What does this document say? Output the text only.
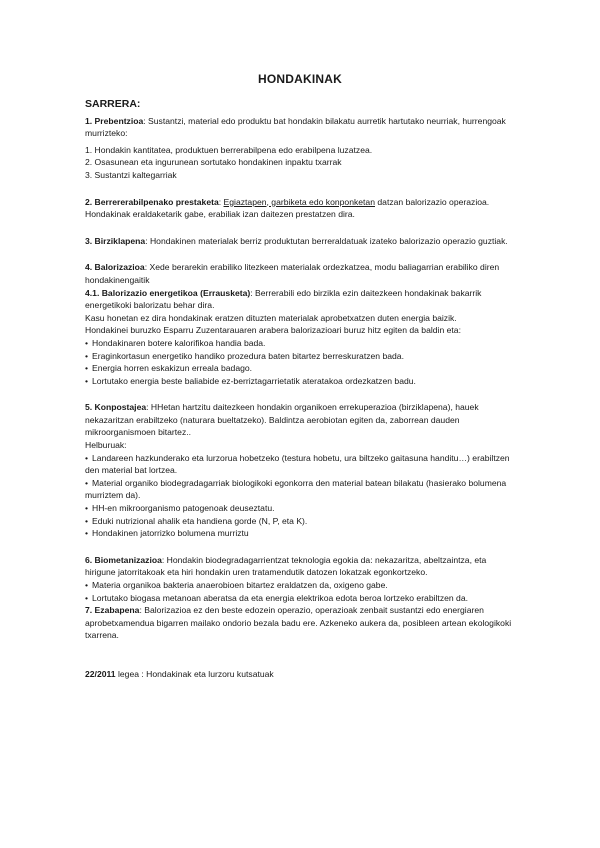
HONDAKINAK
SARRERA:

1. Prebentzioa: Sustantzi, material edo produktu bat hondakin bilakatu aurretik hartutako neurriak, hurrengoak murrizteko:

1. Hondakin kantitatea, produktuen berrerabilpena edo erabilpena luzatzea.

2. Osasunean eta ingurunean sortutako hondakinen inpaktu txarrak

3. Sustantzi kaltegarriak

2. Berrererabilpenako prestaketa: Egiaztapen, garbiketa edo konponketan datzan balorizazio operazioa. Hondakinak eraldaketarik gabe, erabiliak izan daitezen prestatzen dira.

3. Birziklapena: Hondakinen materialak berriz produktutan berreraldatuak izateko balorizazio operazio guztiak.

4. Balorizazioa: Xede berarekin erabiliko litezkeen materialak ordezkatzea, modu baliagarrian erabiliko diren hondakinengaitik

4.1. Balorizazio energetikoa (Errausketa): Berrerabili edo birzikla ezin daitezkeen hondakinak bakarrik energetikoki balorizatu behar dira.

Kasu honetan ez dira hondakinak eratzen dituzten materialak aprobetxatzen duten energia baizik.

Hondakinei buruzko Esparru Zuzentarauaren arabera balorizazioari buruz hitz egiten da baldin eta:

• Hondakinaren botere kalorifikoa handia bada.

• Eraginkortasun energetiko handiko prozedura baten bitartez berreskuratzen bada.

• Energia horren eskakizun erreala badago.

• Lortutako energia beste baliabide ez-berriztagarrietatik ateratakoa ordezkatzen badu.

5. Konpostajea: HHetan hartzitu daitezkeen hondakin organikoen errekuperazioa (birziklapena), hauek nekazaritzan erabiltzeko (naturara bueltatzeko). Baldintza aerobiotan egiten da, zaborrean dauden mikroorganismoen bitartez..

Helburuak:

• Landareen hazkunderako eta lurzorua hobetzeko (testura hobetu, ura biltzeko gaitasuna handitu…) erabiltzen den material bat lortzea.

• Material organiko biodegradagarriak biologikoki egonkorra den material batean bilakatu (hasierako bolumena murriztem da).

• HH-en mikroorganismo patogenoak deuseztatu.

• Eduki nutrizional ahalik eta handiena gorde (N, P, eta K).

• Hondakinen jatorrizko bolumena murriztu

6. Biometanizazioa: Hondakin biodegradagarrientzat teknologia egokia da: nekazaritza, abeltzaintza, eta hirigune jatorritakoak eta hiri hondakin uren tratamendutik datozen lokatzak egonkortzeko.

• Materia organikoa bakteria anaerobioen bitartez eraldatzen da, oxigeno gabe.

• Lortutako biogasa metanoan aberatsa da eta energia elektrikoa edota beroa lortzeko erabiltzen da.

7. Ezabapena: Balorizazioa ez den beste edozein operazio, operazioak zenbait sustantzi edo energiaren aprobetxamendua bigarren mailako ondorio bezala badu ere. Azkeneko aukera da, posibleen artean ekologikoki txarrena.

22/2011 legea : Hondakinak eta lurzoru kutsatuak
